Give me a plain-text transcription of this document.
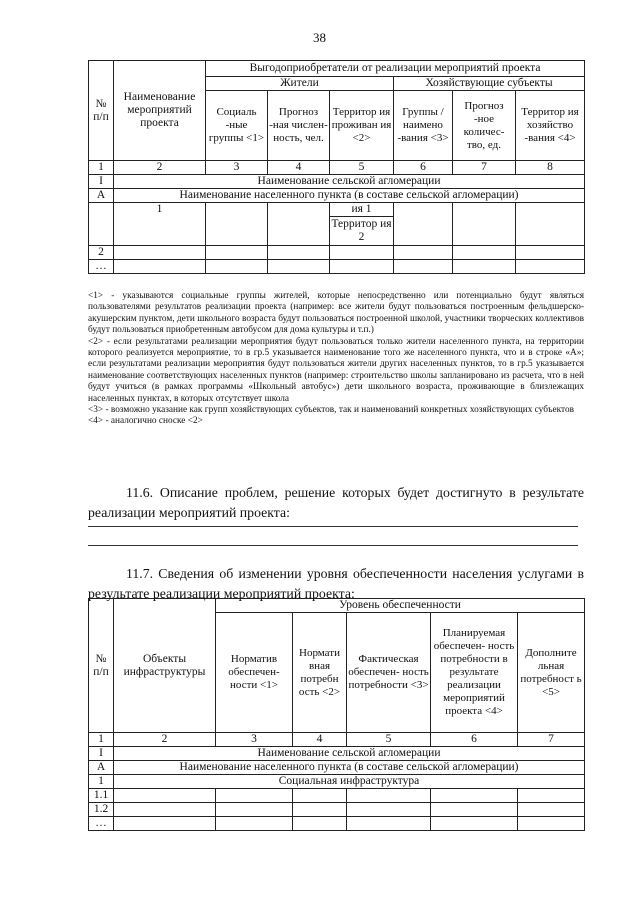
38
№ п/п	Наименование мероприятий проекта	Выгодоприобретатели от реализации мероприятий проекта					
		Жители			Хозяйствующие субъекты		
		Социаль -ные группы <1>	Прогноз -ная числен- ность, чел.	Территор ия проживан ия <2>	Группы / наимено -вания <3>	Прогноз -ное количес- тво, ед.	Территор ия хозяйство -вания <4>
1	2	3	4	5	6	7	8
I	Наименование сельской агломерации						
А	Наименование населенного пункта (в составе сельской агломерации)						
	1			ия 1			
				Территор ия 2			
2							
…							

<1> - указываются социальные группы жителей, которые непосредственно или потенциально будут являться пользователями результатов реализации проекта (например: все жители будут пользоваться построенным фельдшерско-акушерским пунктом, дети школьного возраста будут пользоваться построенной школой, участники творческих коллективов будут пользоваться приобретенным автобусом для дома культуры и т.п.)

<2> - если результатами реализации мероприятия будут пользоваться только жители населенного пункта, на территории которого реализуется мероприятие, то в гр.5 указывается наименование того же населенного пункта, что и в строке «А»; если результатами реализации мероприятия будут пользоваться жители других населенных пунктов, то в гр.5 указывается наименование соответствующих населенных пунктов (например: строительство школы запланировано из расчета, что в ней будут учиться (в рамках программы «Школьный автобус») дети школьного возраста, проживающие в близлежащих населенных пунктах, в которых отсутствует школа

<3> - возможно указание как групп хозяйствующих субъектов, так и наименований конкретных хозяйствующих субъектов

<4> - аналогично сноске <2>

11.6. Описание проблем, решение которых будет достигнуто в результате реализации мероприятий проекта:
11.7. Сведения об изменении уровня обеспеченности населения услугами в результате реализации мероприятий проекта:
№ п/п	Объекты инфраструктуры	Уровень обеспеченности				
		Норматив обеспечен- ности <1>	Нормати вная потребн ость <2>	Фактическая обеспечен- ность потребности <3>	Планируемая обеспечен- ность потребности в результате реализации мероприятий проекта <4>	Дополните льная потребност ь <5>
1	2	3	4	5	6	7
I	Наименование сельской агломерации					
А	Наименование населенного пункта (в составе сельской агломерации)					
1	Социальная инфраструктура					
1.1						
1.2						
…						
